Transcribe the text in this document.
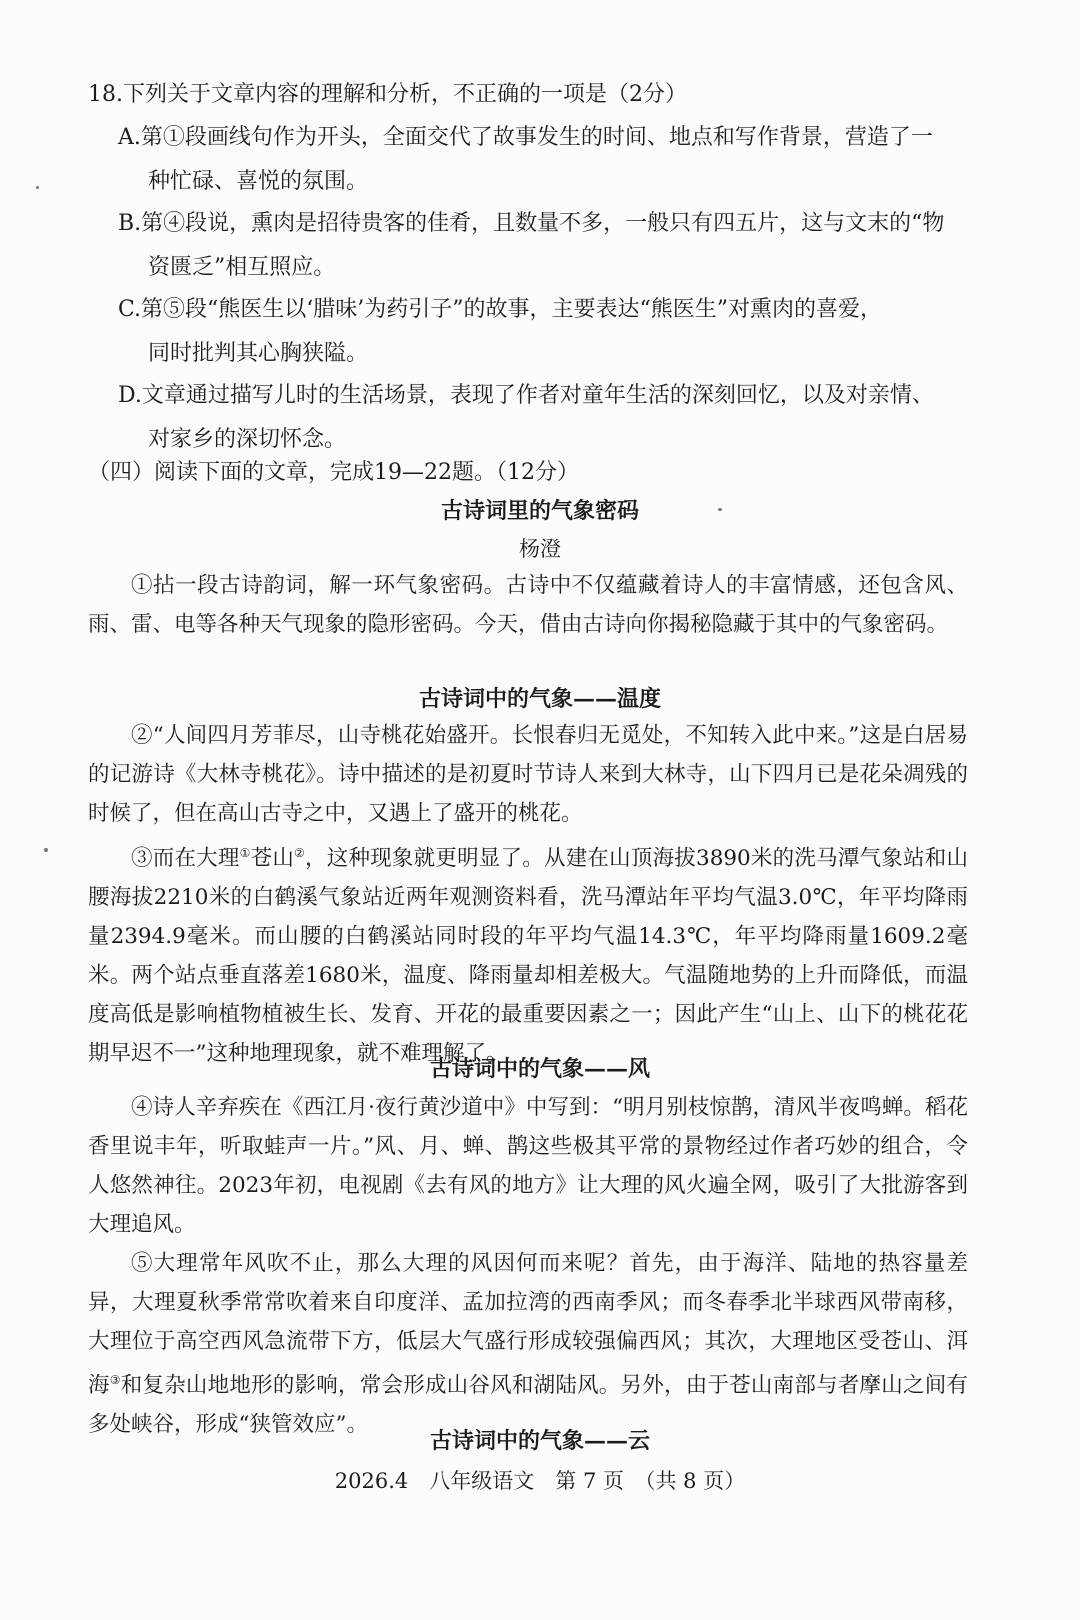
18.下列关于文章内容的理解和分析，不正确的一项是（2分）
A.第①段画线句作为开头，全面交代了故事发生的时间、地点和写作背景，营造了一
种忙碌、喜悦的氛围。
B.第④段说，熏肉是招待贵客的佳肴，且数量不多，一般只有四五片，这与文末的“物
资匮乏”相互照应。
C.第⑤段“熊医生以‘腊味’为药引子”的故事，主要表达“熊医生”对熏肉的喜爱，
同时批判其心胸狭隘。
D.文章通过描写儿时的生活场景，表现了作者对童年生活的深刻回忆，以及对亲情、
对家乡的深切怀念。
（四）阅读下面的文章，完成19—22题。（12分）
古诗词里的气象密码
杨澄
①拈一段古诗韵词，解一环气象密码。古诗中不仅蕴藏着诗人的丰富情感，还包含风、雨、雷、电等各种天气现象的隐形密码。今天，借由古诗向你揭秘隐藏于其中的气象密码。
古诗词中的气象——温度
②“人间四月芳菲尽，山寺桃花始盛开。长恨春归无觅处，不知转入此中来。”这是白居易的记游诗《大林寺桃花》。诗中描述的是初夏时节诗人来到大林寺，山下四月已是花朵凋残的时候了，但在高山古寺之中，又遇上了盛开的桃花。
③而在大理①苍山②，这种现象就更明显了。从建在山顶海拔3890米的洗马潭气象站和山腰海拔2210米的白鹤溪气象站近两年观测资料看，洗马潭站年平均气温3.0℃，年平均降雨量2394.9毫米。而山腰的白鹤溪站同时段的年平均气温14.3℃，年平均降雨量1609.2毫米。两个站点垂直落差1680米，温度、降雨量却相差极大。气温随地势的上升而降低，而温度高低是影响植物植被生长、发育、开花的最重要因素之一；因此产生“山上、山下的桃花花期早迟不一”这种地理现象，就不难理解了。
古诗词中的气象——风
④诗人辛弃疾在《西江月·夜行黄沙道中》中写到：“明月别枝惊鹊，清风半夜鸣蝉。稻花香里说丰年，听取蛙声一片。”风、月、蝉、鹊这些极其平常的景物经过作者巧妙的组合，令人悠然神往。2023年初，电视剧《去有风的地方》让大理的风火遍全网，吸引了大批游客到大理追风。
⑤大理常年风吹不止，那么大理的风因何而来呢？首先，由于海洋、陆地的热容量差异，大理夏秋季常常吹着来自印度洋、孟加拉湾的西南季风；而冬春季北半球西风带南移，大理位于高空西风急流带下方，低层大气盛行形成较强偏西风；其次，大理地区受苍山、洱海③和复杂山地地形的影响，常会形成山谷风和湖陆风。另外，由于苍山南部与者摩山之间有多处峡谷，形成“狭管效应”。
古诗词中的气象——云
2026.4　八年级语文　第 7 页　（共 8 页）
